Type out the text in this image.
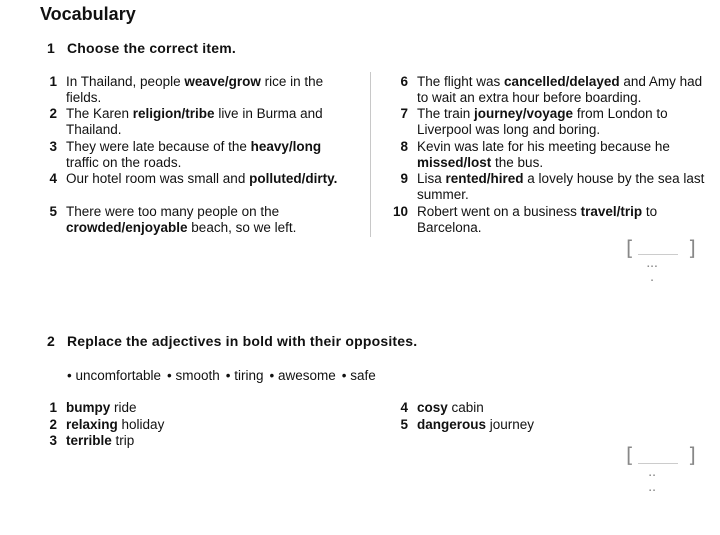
Vocabulary
1 Choose the correct item.
1 In Thailand, people weave/grow rice in the fields.
2 The Karen religion/tribe live in Burma and Thailand.
3 They were late because of the heavy/long traffic on the roads.
4 Our hotel room was small and polluted/dirty.
5 There were too many people on the crowded/enjoyable beach, so we left.
6 The flight was cancelled/delayed and Amy had to wait an extra hour before boarding.
7 The train journey/voyage from London to Liverpool was long and boring.
8 Kevin was late for his meeting because he missed/lost the bus.
9 Lisa rented/hired a lovely house by the sea last summer.
10 Robert went on a business travel/trip to Barcelona.
[	]
▪ ▪ ▪
▪
2 Replace the adjectives in bold with their opposites.
• uncomfortable • smooth • tiring • awesome • safe
1 bumpy ride
2 relaxing holiday
3 terrible trip
4 cosy cabin
5 dangerous journey
[	]
▪ ▪
▪ ▪
